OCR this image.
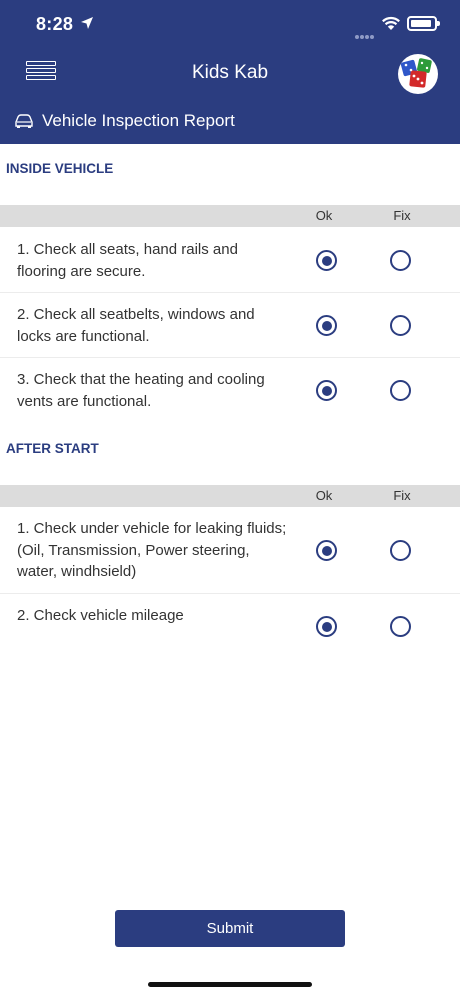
8:28
Kids Kab
Vehicle Inspection Report
INSIDE VEHICLE
Ok	Fix
1. Check all seats, hand rails and flooring are secure.
2. Check all seatbelts, windows and locks are functional.
3. Check that the heating and cooling vents are functional.
AFTER START
Ok	Fix
1. Check under vehicle for leaking fluids; (Oil, Transmission, Power steering, water, windhsield)
2. Check vehicle mileage
Submit
